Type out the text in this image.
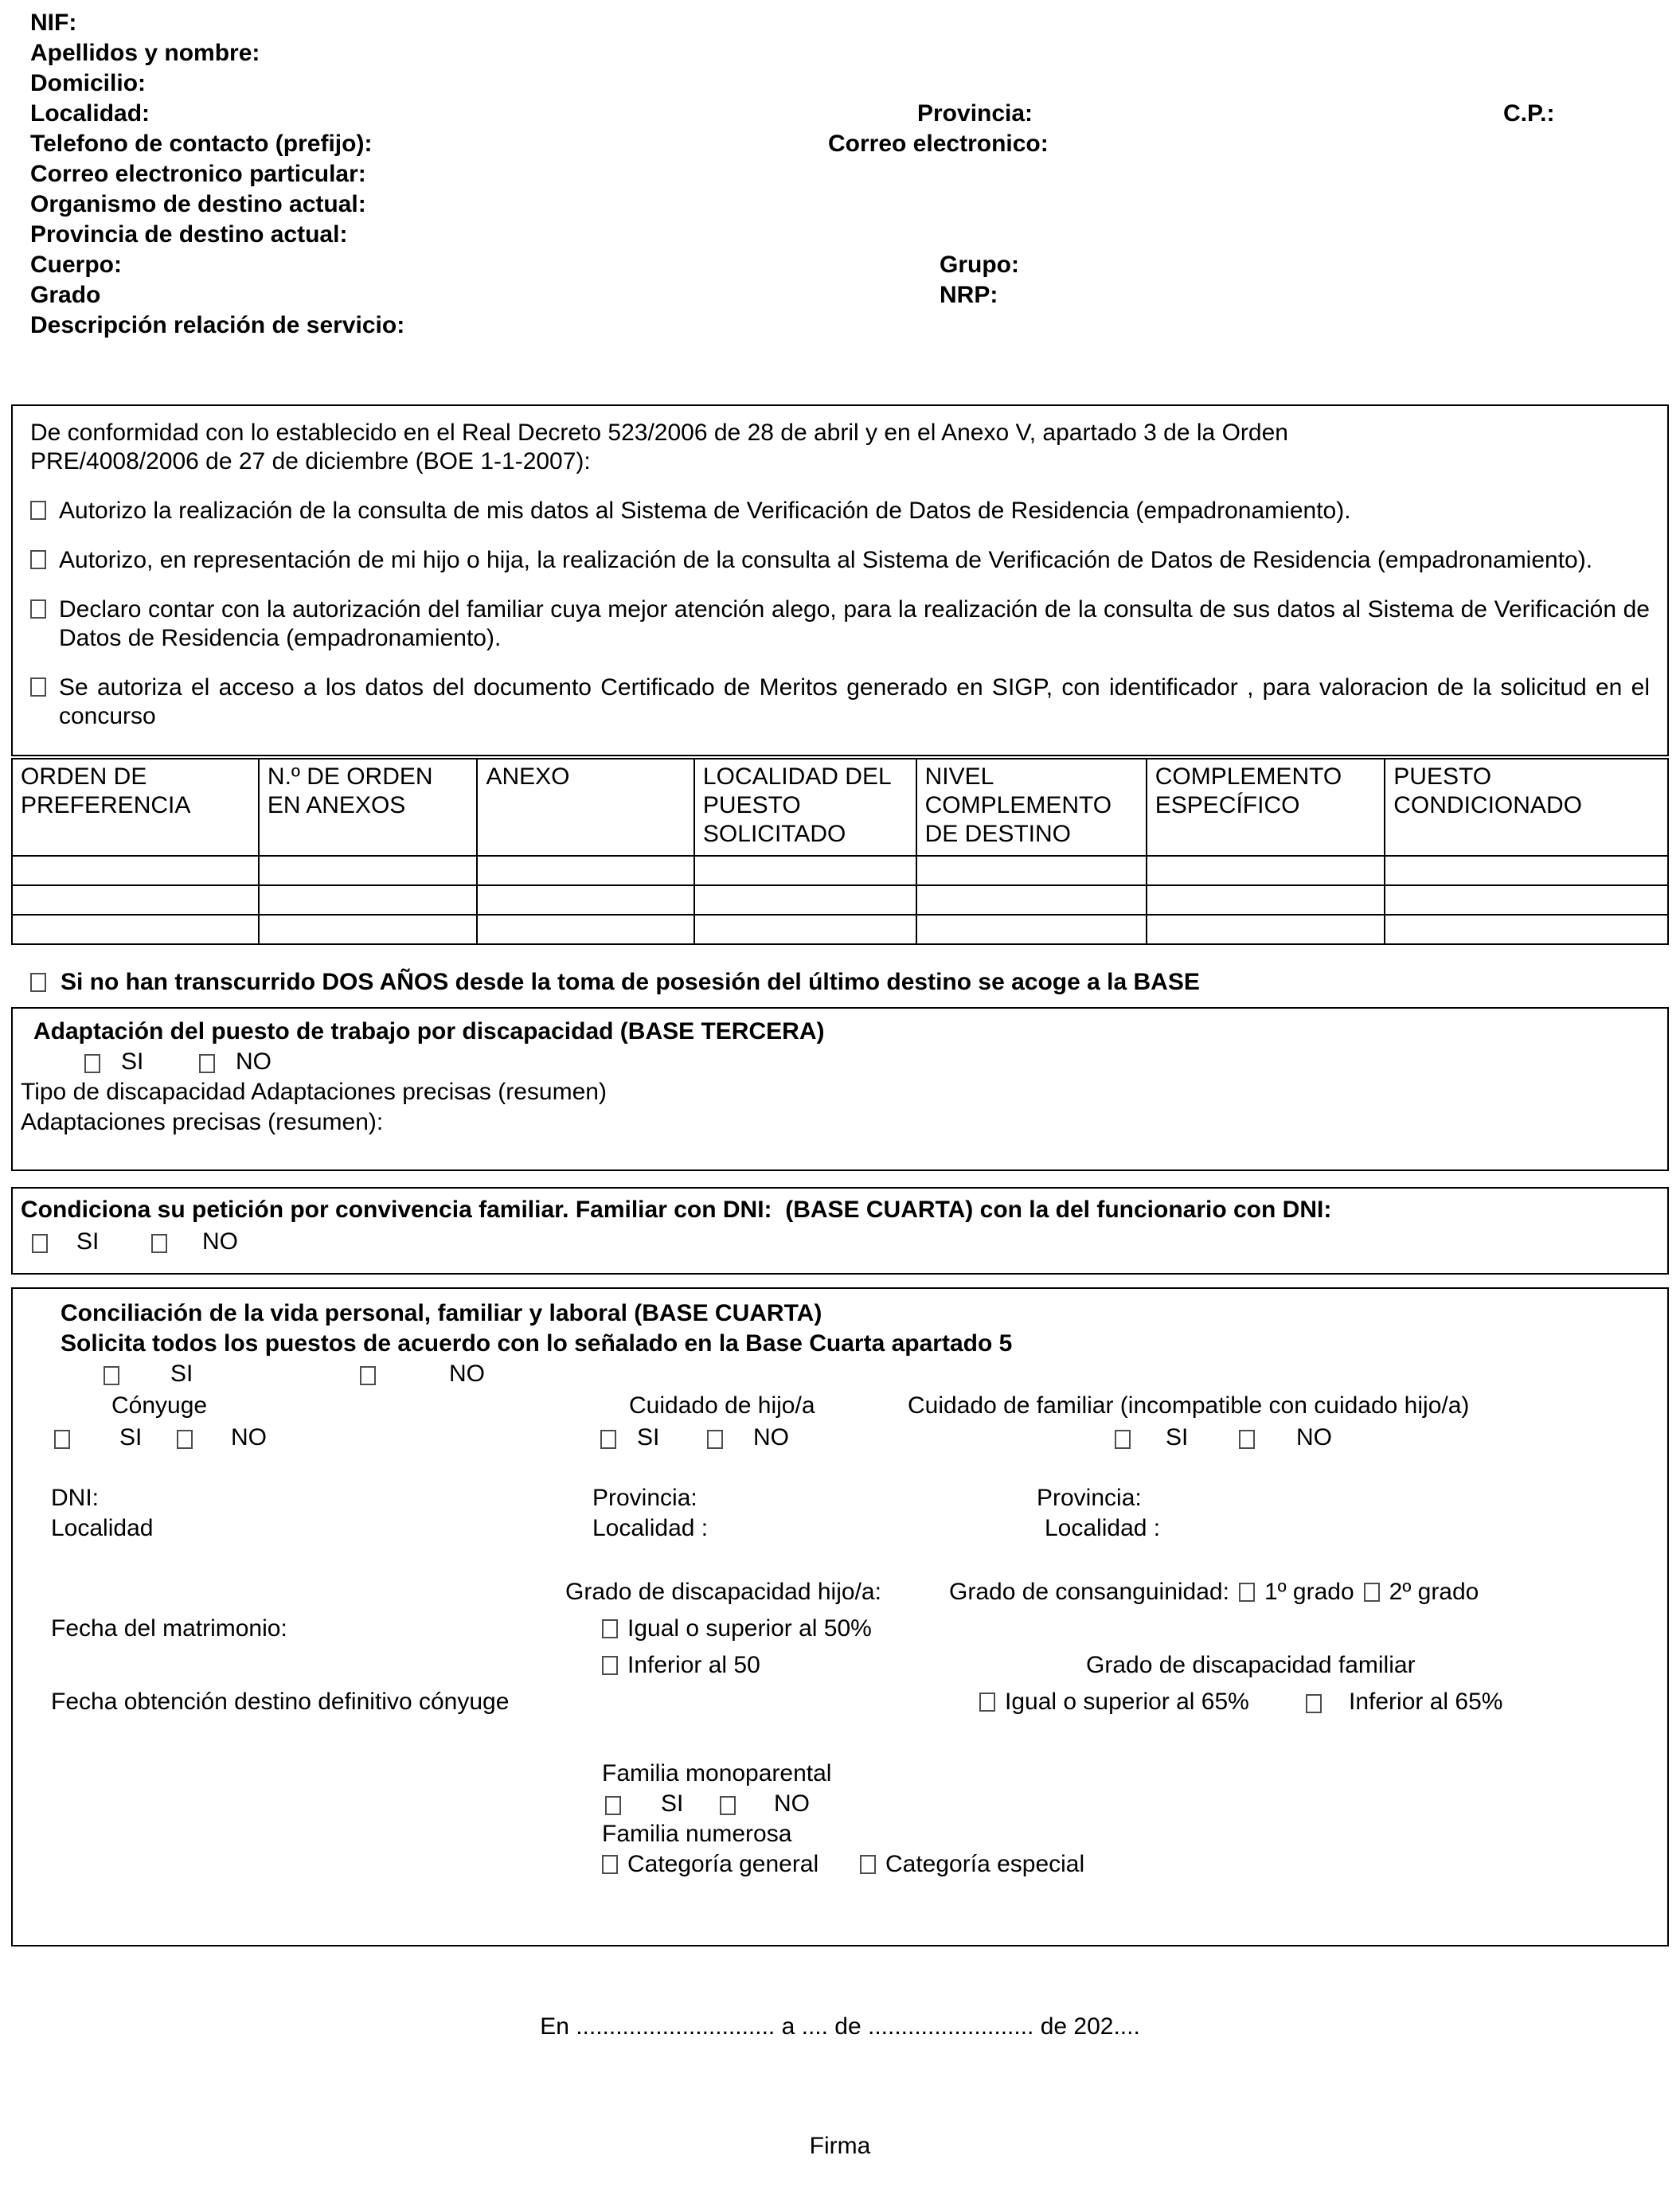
NIF:
Apellidos y nombre:
Domicilio:
Localidad:	Provincia:	C.P.:
Telefono de contacto (prefijo):	Correo electronico:
Correo electronico particular:
Organismo de destino actual:
Provincia de destino actual:
Cuerpo:	Grupo:
Grado	NRP:
Descripción relación de servicio:

De conformidad con lo establecido en el Real Decreto 523/2006 de 28 de abril y en el Anexo V, apartado 3 de la Orden PRE/4008/2006 de 27 de diciembre (BOE 1-1-2007):

Autorizo la realización de la consulta de mis datos al Sistema de Verificación de Datos de Residencia (empadronamiento).
Autorizo, en representación de mi hijo o hija, la realización de la consulta al Sistema de Verificación de Datos de Residencia (empadronamiento).
Declaro contar con la autorización del familiar cuya mejor atención alego, para la realización de la consulta de sus datos al Sistema de Verificación de Datos de Residencia (empadronamiento).
Se autoriza el acceso a los datos del documento Certificado de Meritos generado en SIGP, con identificador , para valoracion de la solicitud en el concurso
ORDEN DE PREFERENCIA	N.º DE ORDEN EN ANEXOS	ANEXO	LOCALIDAD DEL PUESTO SOLICITADO	NIVEL COMPLEMENTO DE DESTINO	COMPLEMENTO ESPECÍFICO	PUESTO CONDICIONADO

Si no han transcurrido DOS AÑOS desde la toma de posesión del último destino se acoge a la BASE
Adaptación del puesto de trabajo por discapacidad (BASE TERCERA)
SI	NO
Tipo de discapacidad Adaptaciones precisas (resumen)
Adaptaciones precisas (resumen):
Condiciona su petición por convivencia familiar. Familiar con DNI:  (BASE CUARTA) con la del funcionario con DNI:
SI	NO
Conciliación de la vida personal, familiar y laboral (BASE CUARTA)
Solicita todos los puestos de acuerdo con lo señalado en la Base Cuarta apartado 5
SI	NO
Cónyuge	Cuidado de hijo/a	Cuidado de familiar (incompatible con cuidado hijo/a)
SI	NO	SI	NO	SI	NO
DNI:	Provincia:	Provincia:
Localidad	Localidad :	Localidad :
Grado de discapacidad hijo/a:	Grado de consanguinidad: 1º grado 2º grado
Fecha del matrimonio:	Igual o superior al 50%
Inferior al 50	Grado de discapacidad familiar
Fecha obtención destino definitivo cónyuge	Igual o superior al 65%	Inferior al 65%
Familia monoparental
SI	NO
Familia numerosa
Categoría general	Categoría especial
En .............................. a .... de ......................... de 202....
Firma
